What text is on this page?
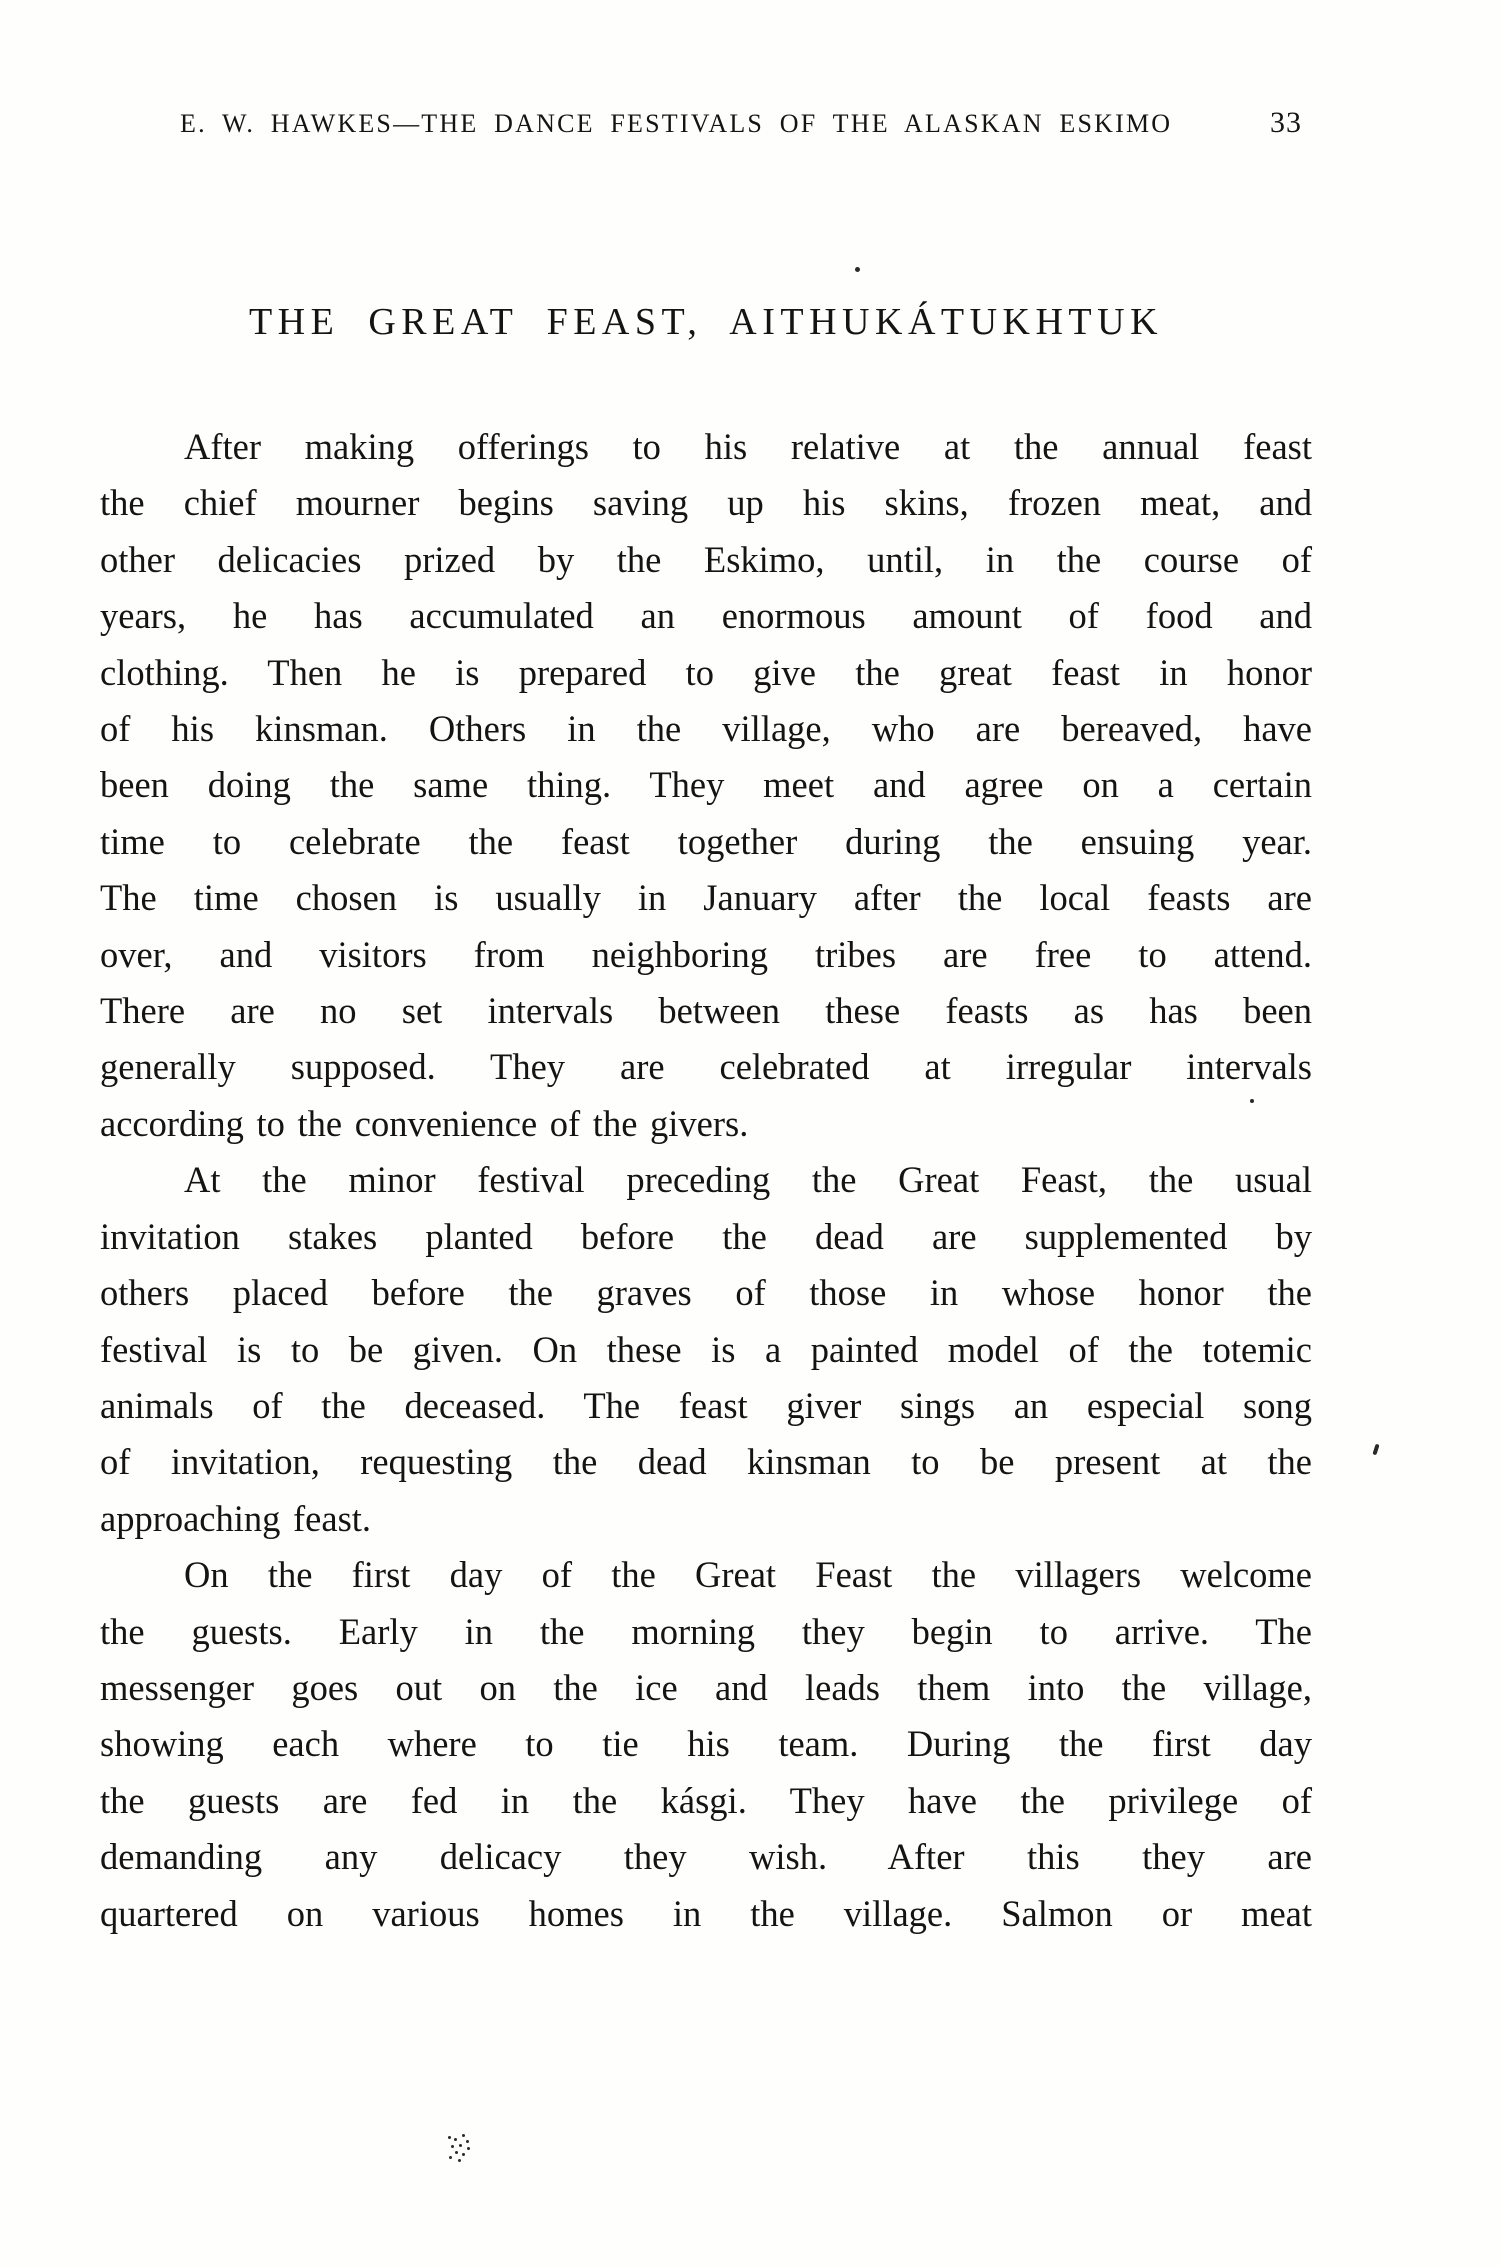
E. W. HAWKES—THE DANCE FESTIVALS OF THE ALASKAN ESKIMO	33
THE GREAT FEAST, AITHUKÁTUKHTUK
After making offerings to his relative at the annual feast
the chief mourner begins saving up his skins, frozen meat, and
other delicacies prized by the Eskimo, until, in the course of
years, he has accumulated an enormous amount of food and
clothing. Then he is prepared to give the great feast in honor
of his kinsman. Others in the village, who are bereaved, have
been doing the same thing. They meet and agree on a certain
time to celebrate the feast together during the ensuing year.
The time chosen is usually in January after the local feasts are
over, and visitors from neighboring tribes are free to attend.
There are no set intervals between these feasts as has been
generally supposed. They are celebrated at irregular intervals
according to the convenience of the givers.
At the minor festival preceding the Great Feast, the usual
invitation stakes planted before the dead are supplemented by
others placed before the graves of those in whose honor the
festival is to be given. On these is a painted model of the totemic
animals of the deceased. The feast giver sings an especial song
of invitation, requesting the dead kinsman to be present at the
approaching feast.
On the first day of the Great Feast the villagers welcome
the guests. Early in the morning they begin to arrive. The
messenger goes out on the ice and leads them into the village,
showing each where to tie his team. During the first day
the guests are fed in the kásgi. They have the privilege of
demanding any delicacy they wish. After this they are
quartered on various homes in the village. Salmon or meat
